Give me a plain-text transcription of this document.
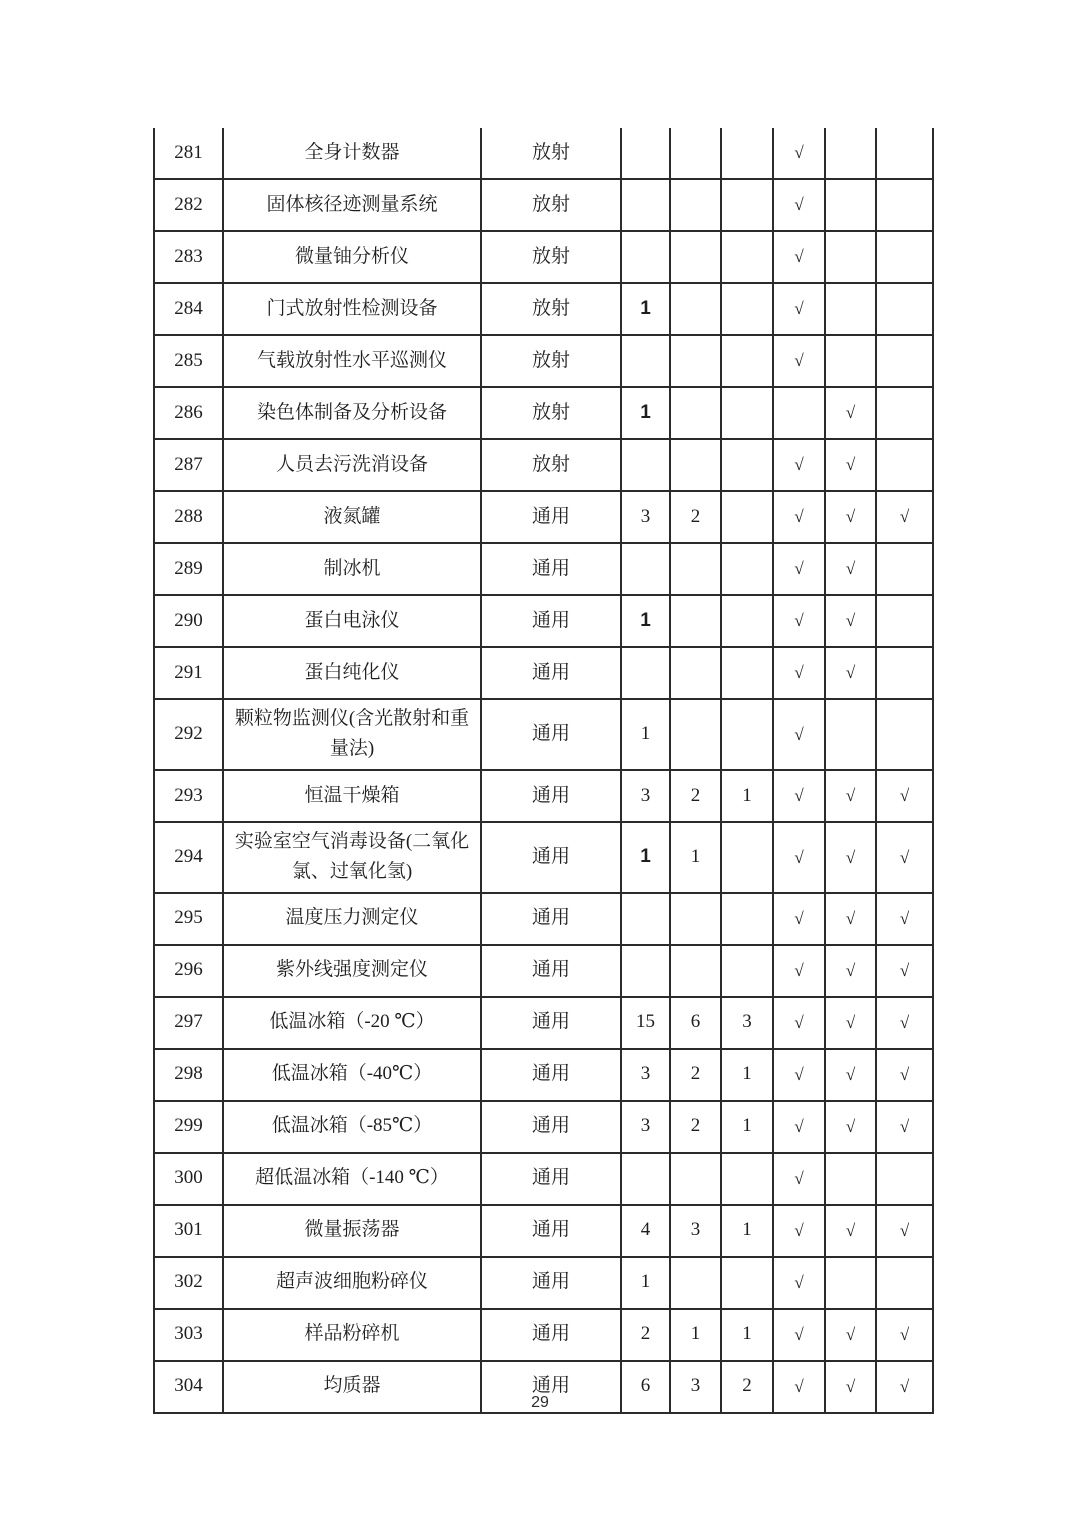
281	全身计数器	放射				√		
282	固体核径迹测量系统	放射				√		
283	微量铀分析仪	放射				√		
284	门式放射性检测设备	放射	1			√		
285	气载放射性水平巡测仪	放射				√		
286	染色体制备及分析设备	放射	1				√	
287	人员去污洗消设备	放射				√	√	
288	液氮罐	通用	3	2		√	√	√
289	制冰机	通用				√	√	
290	蛋白电泳仪	通用	1			√	√	
291	蛋白纯化仪	通用				√	√	
292	颗粒物监测仪(含光散射和重量法)	通用	1			√		
293	恒温干燥箱	通用	3	2	1	√	√	√
294	实验室空气消毒设备(二氧化氯、过氧化氢)	通用	1	1		√	√	√
295	温度压力测定仪	通用				√	√	√
296	紫外线强度测定仪	通用				√	√	√
297	低温冰箱（-20 ℃）	通用	15	6	3	√	√	√
298	低温冰箱（-40℃）	通用	3	2	1	√	√	√
299	低温冰箱（-85℃）	通用	3	2	1	√	√	√
300	超低温冰箱（-140 ℃）	通用				√		
301	微量振荡器	通用	4	3	1	√	√	√
302	超声波细胞粉碎仪	通用	1			√		
303	样品粉碎机	通用	2	1	1	√	√	√
304	均质器	通用	6	3	2	√	√	√
29
